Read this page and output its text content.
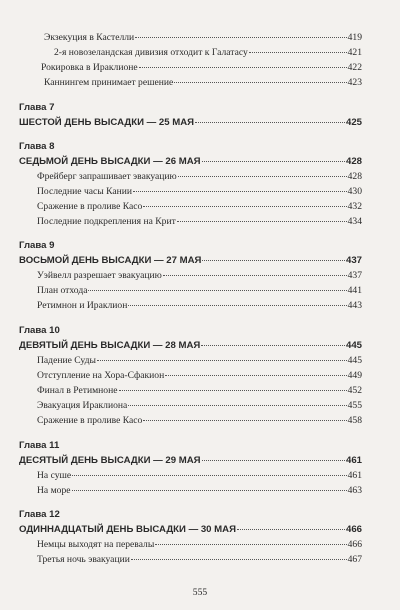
Экзекуция в Кастелли	419
2-я новозеландская дивизия отходит к Галатасу	421
Рокировка в Ираклионе	422
Каннингем принимает решение	423
Глава 7
ШЕСТОЙ ДЕНЬ ВЫСАДКИ — 25 МАЯ	425
Глава 8
СЕДЬМОЙ ДЕНЬ ВЫСАДКИ — 26 МАЯ	428
Фрейберг запрашивает эвакуацию	428
Последние часы Кании	430
Сражение в проливе Касо	432
Последние подкрепления на Крит	434
Глава 9
ВОСЬМОЙ ДЕНЬ ВЫСАДКИ — 27 МАЯ	437
Уэйвелл разрешает эвакуацию	437
План отхода	441
Ретимнон и Ираклион	443
Глава 10
ДЕВЯТЫЙ ДЕНЬ ВЫСАДКИ — 28 МАЯ	445
Падение Суды	445
Отступление на Хора-Сфакион	449
Финал в Ретимноне	452
Эвакуация Ираклиона	455
Сражение в проливе Касо	458
Глава 11
ДЕСЯТЫЙ ДЕНЬ ВЫСАДКИ — 29 МАЯ	461
На суше	461
На море	463
Глава 12
ОДИННАДЦАТЫЙ ДЕНЬ ВЫСАДКИ — 30 МАЯ	466
Немцы выходят на перевалы	466
Третья ночь эвакуации	467
555
